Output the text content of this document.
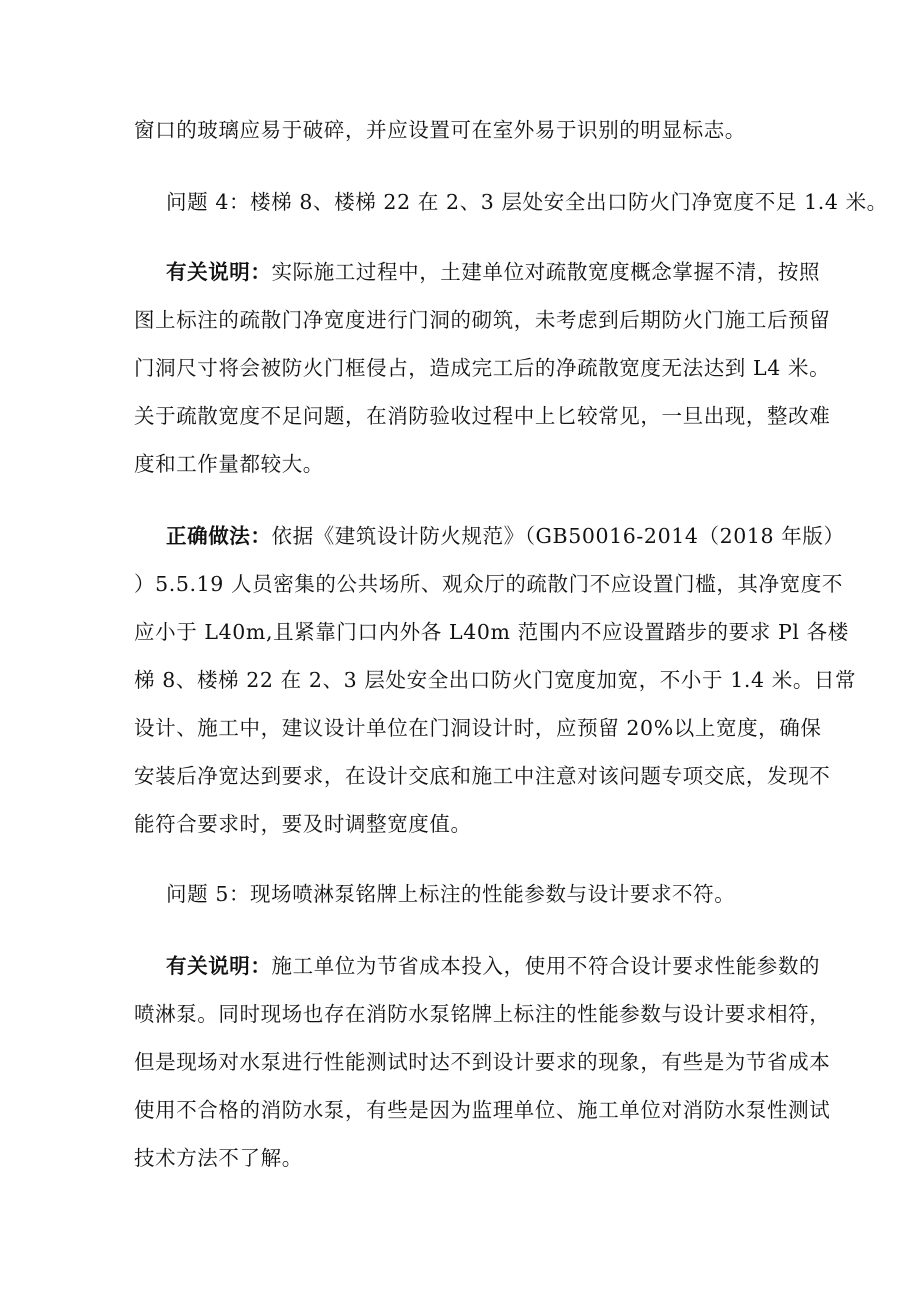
窗口的玻璃应易于破碎，并应设置可在室外易于识别的明显标志。
问题 4：楼梯 8、楼梯 22 在 2、3 层处安全出口防火门净宽度不足 1.4 米。
有关说明：实际施工过程中，土建单位对疏散宽度概念掌握不清，按照
图上标注的疏散门净宽度进行门洞的砌筑，未考虑到后期防火门施工后预留
门洞尺寸将会被防火门框侵占，造成完工后的净疏散宽度无法达到 L4 米。
关于疏散宽度不足问题，在消防验收过程中上匕较常见，一旦出现，整改难
度和工作量都较大。
正确做法：依据《建筑设计防火规范》（GB50016-2014（2018 年版）
）5.5.19 人员密集的公共场所、观众厅的疏散门不应设置门槛，其净宽度不
应小于 L40m,且紧靠门口内外各 L40m 范围内不应设置踏步的要求 Pl 各楼
梯 8、楼梯 22 在 2、3 层处安全出口防火门宽度加宽，不小于 1.4 米。日常
设计、施工中，建议设计单位在门洞设计时，应预留 20%以上宽度，确保
安装后净宽达到要求，在设计交底和施工中注意对该问题专项交底，发现不
能符合要求时，要及时调整宽度值。
问题 5：现场喷淋泵铭牌上标注的性能参数与设计要求不符。
有关说明：施工单位为节省成本投入，使用不符合设计要求性能参数的
喷淋泵。同时现场也存在消防水泵铭牌上标注的性能参数与设计要求相符，
但是现场对水泵进行性能测试时达不到设计要求的现象，有些是为节省成本
使用不合格的消防水泵，有些是因为监理单位、施工单位对消防水泵性测试
技术方法不了解。
